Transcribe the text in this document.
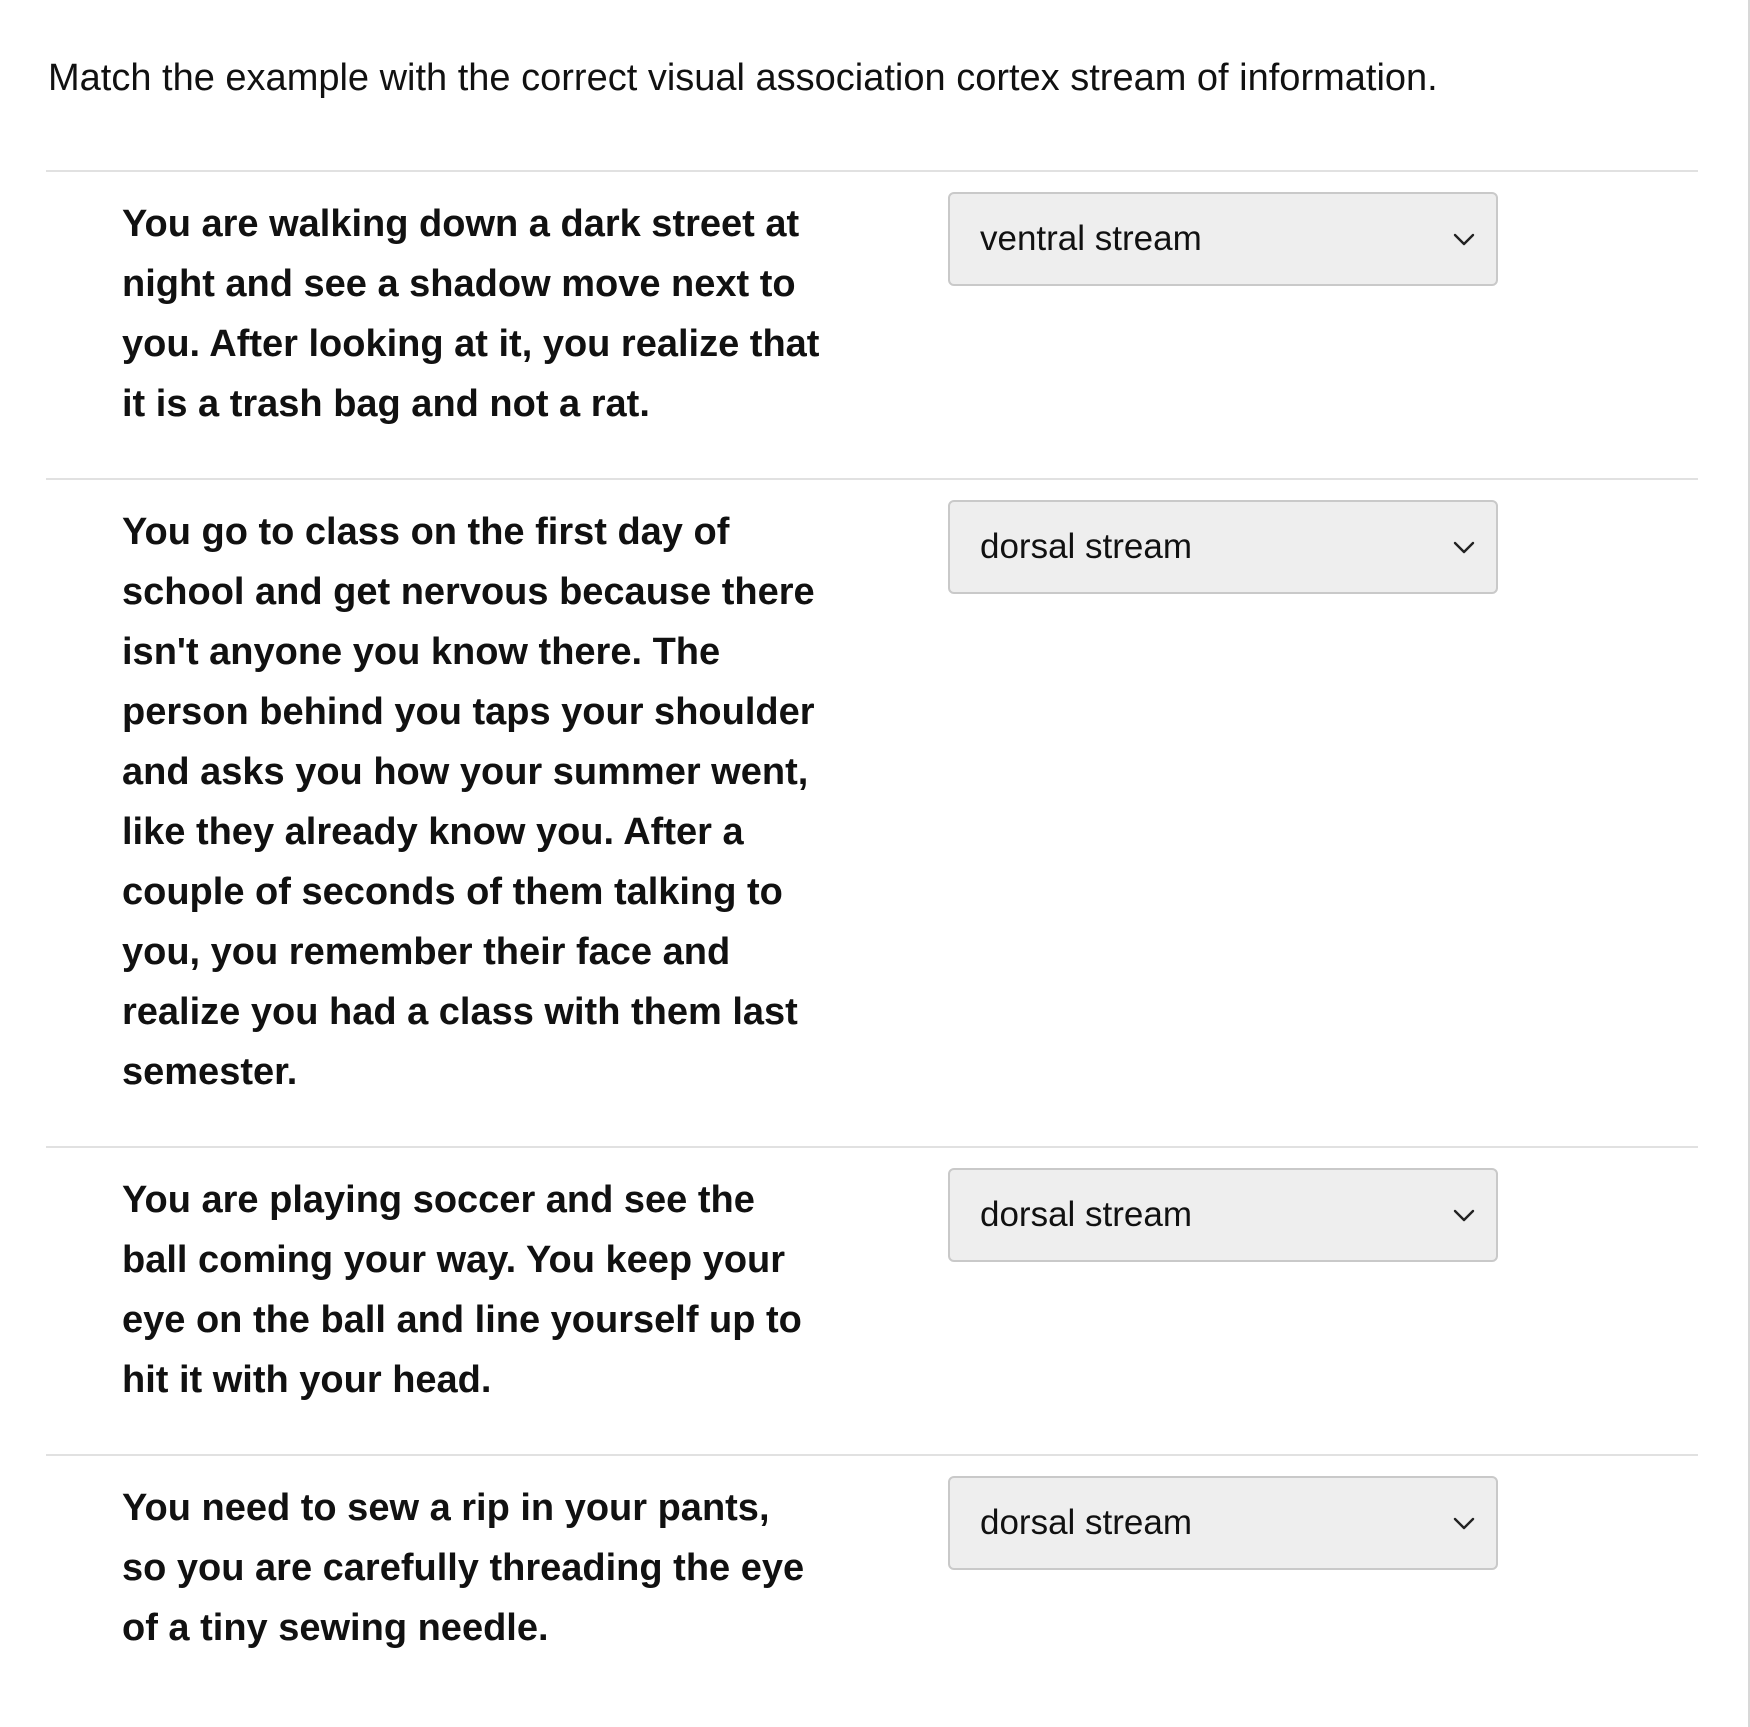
Match the example with the correct visual association cortex stream of information.

You are walking down a dark street at night and see a shadow move next to you. After looking at it, you realize that it is a trash bag and not a rat.

ventral stream

You go to class on the first day of school and get nervous because there isn't anyone you know there. The person behind you taps your shoulder and asks you how your summer went, like they already know you. After a couple of seconds of them talking to you, you remember their face and realize you had a class with them last semester.

dorsal stream

You are playing soccer and see the ball coming your way. You keep your eye on the ball and line yourself up to hit it with your head.

dorsal stream

You need to sew a rip in your pants, so you are carefully threading the eye of a tiny sewing needle.

dorsal stream
